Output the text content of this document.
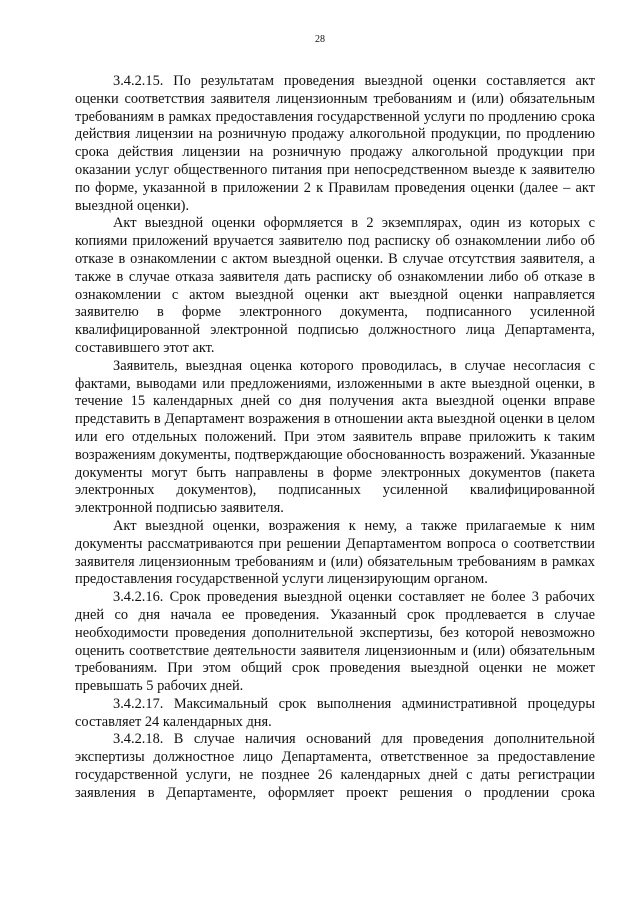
28

3.4.2.15. По результатам проведения выездной оценки составляется акт оценки соответствия заявителя лицензионным требованиям и (или) обязательным требованиям в рамках предоставления государственной услуги по продлению срока действия лицензии на розничную продажу алкогольной продукции, по продлению срока действия лицензии на розничную продажу алкогольной продукции при оказании услуг общественного питания при непосредственном выезде к заявителю по форме, указанной в приложении 2 к Правилам проведения оценки (далее – акт выездной оценки).

Акт выездной оценки оформляется в 2 экземплярах, один из которых с копиями приложений вручается заявителю под расписку об ознакомлении либо об отказе в ознакомлении с актом выездной оценки. В случае отсутствия заявителя, а также в случае отказа заявителя дать расписку об ознакомлении либо об отказе в ознакомлении с актом выездной оценки акт выездной оценки направляется заявителю в форме электронного документа, подписанного усиленной квалифицированной электронной подписью должностного лица Департамента, составившего этот акт.

Заявитель, выездная оценка которого проводилась, в случае несогласия с фактами, выводами или предложениями, изложенными в акте выездной оценки, в течение 15 календарных дней со дня получения акта выездной оценки вправе представить в Департамент возражения в отношении акта выездной оценки в целом или его отдельных положений. При этом заявитель вправе приложить к таким возражениям документы, подтверждающие обоснованность возражений. Указанные документы могут быть направлены в форме электронных документов (пакета электронных документов), подписанных усиленной квалифицированной электронной подписью заявителя.

Акт выездной оценки, возражения к нему, а также прилагаемые к ним документы рассматриваются при решении Департаментом вопроса о соответствии заявителя лицензионным требованиям и (или) обязательным требованиям в рамках предоставления государственной услуги лицензирующим органом.

3.4.2.16. Срок проведения выездной оценки составляет не более 3 рабочих дней со дня начала ее проведения. Указанный срок продлевается в случае необходимости проведения дополнительной экспертизы, без которой невозможно оценить соответствие деятельности заявителя лицензионным и (или) обязательным требованиям. При этом общий срок проведения выездной оценки не может превышать 5 рабочих дней.

3.4.2.17. Максимальный срок выполнения административной процедуры составляет 24 календарных дня.

3.4.2.18. В случае наличия оснований для проведения дополнительной экспертизы должностное лицо Департамента, ответственное за предоставление государственной услуги, не позднее 26 календарных дней с даты регистрации заявления в Департаменте, оформляет проект решения о продлении срока
